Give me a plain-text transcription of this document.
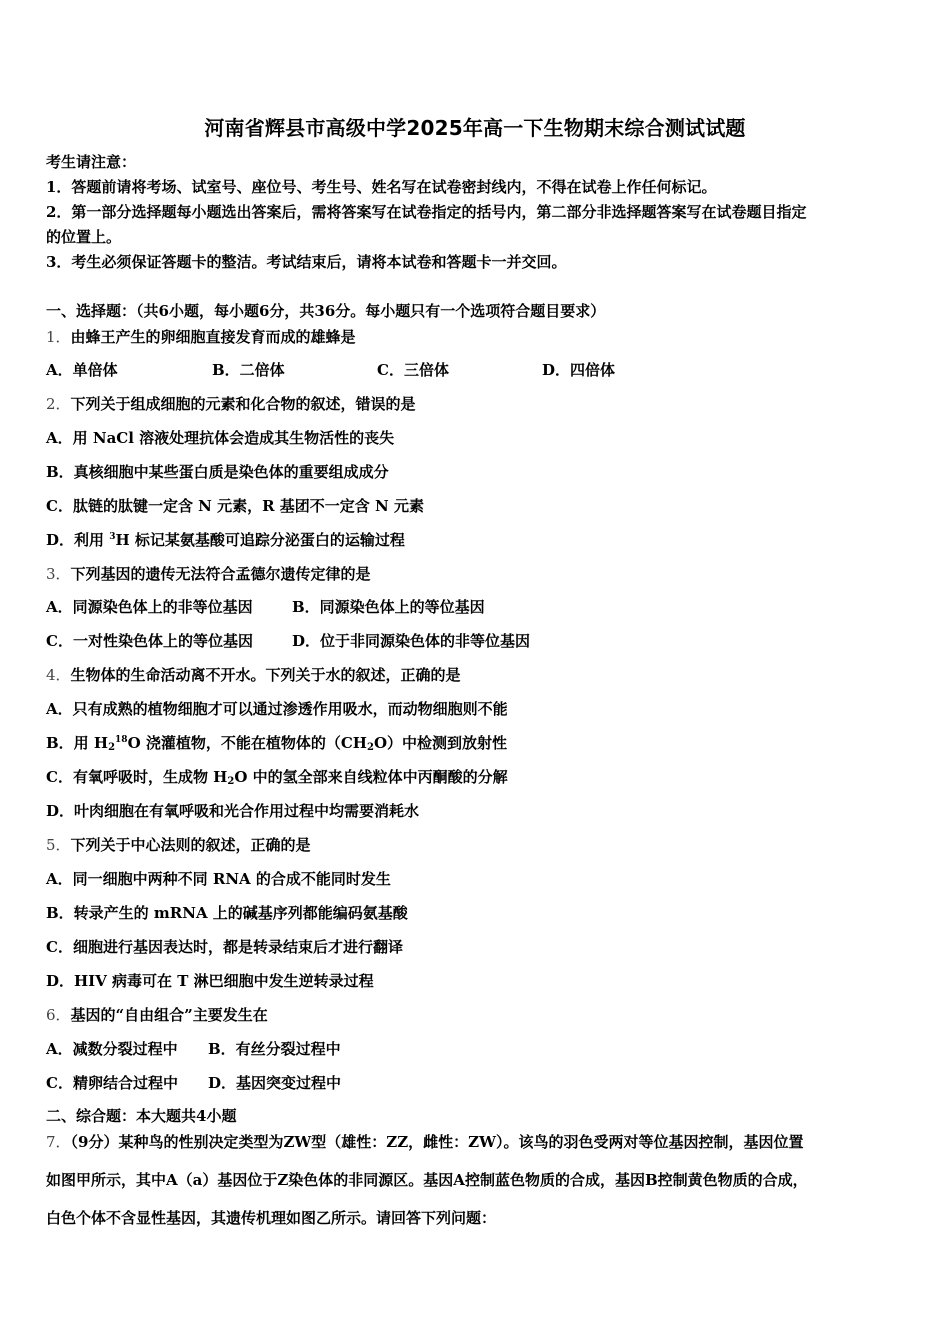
河南省辉县市高级中学2025年高一下生物期末综合测试试题
考生请注意：
1．答题前请将考场、试室号、座位号、考生号、姓名写在试卷密封线内，不得在试卷上作任何标记。
2．第一部分选择题每小题选出答案后，需将答案写在试卷指定的括号内，第二部分非选择题答案写在试卷题目指定
的位置上。
3．考生必须保证答题卡的整洁。考试结束后，请将本试卷和答题卡一并交回。
一、选择题：（共6小题，每小题6分，共36分。每小题只有一个选项符合题目要求）
1．由蜂王产生的卵细胞直接发育而成的雄蜂是
A．单倍体	B．二倍体	C．三倍体	D．四倍体
2．下列关于组成细胞的元素和化合物的叙述，错误的是
A．用 NaCl 溶液处理抗体会造成其生物活性的丧失
B．真核细胞中某些蛋白质是染色体的重要组成成分
C．肽链的肽键一定含 N 元素，R 基团不一定含 N 元素
D．利用 $^3$H 标记某氨基酸可追踪分泌蛋白的运输过程
3．下列基因的遗传无法符合孟德尔遗传定律的是
A．同源染色体上的非等位基因	B．同源染色体上的等位基因
C．一对性染色体上的等位基因	D．位于非同源染色体的非等位基因
4．生物体的生命活动离不开水。下列关于水的叙述，正确的是
A．只有成熟的植物细胞才可以通过渗透作用吸水，而动物细胞则不能
B．用 $H_2^{18}O$ 浇灌植物，不能在植物体的$(CH_2O)$中检测到放射性
C．有氧呼吸时，生成物 $H_2O$ 中的氢全部来自线粒体中丙酮酸的分解
D．叶肉细胞在有氧呼吸和光合作用过程中均需要消耗水
5．下列关于中心法则的叙述，正确的是
A．同一细胞中两种不同 RNA 的合成不能同时发生
B．转录产生的 mRNA 上的碱基序列都能编码氨基酸
C．细胞进行基因表达时，都是转录结束后才进行翻译
D．HIV 病毒可在 T 淋巴细胞中发生逆转录过程
6．基因的“自由组合”主要发生在
A．减数分裂过程中 B．有丝分裂过程中
C．精卵结合过程中 D．基因突变过程中
二、综合题：本大题共4小题
7．（9分）某种鸟的性别决定类型为ZW型（雄性：ZZ，雌性：ZW）。该鸟的羽色受两对等位基因控制，基因位置
如图甲所示，其中A（a）基因位于Z染色体的非同源区。基因A控制蓝色物质的合成，基因B控制黄色物质的合成，
白色个体不含显性基因，其遗传机理如图乙所示。请回答下列问题：
